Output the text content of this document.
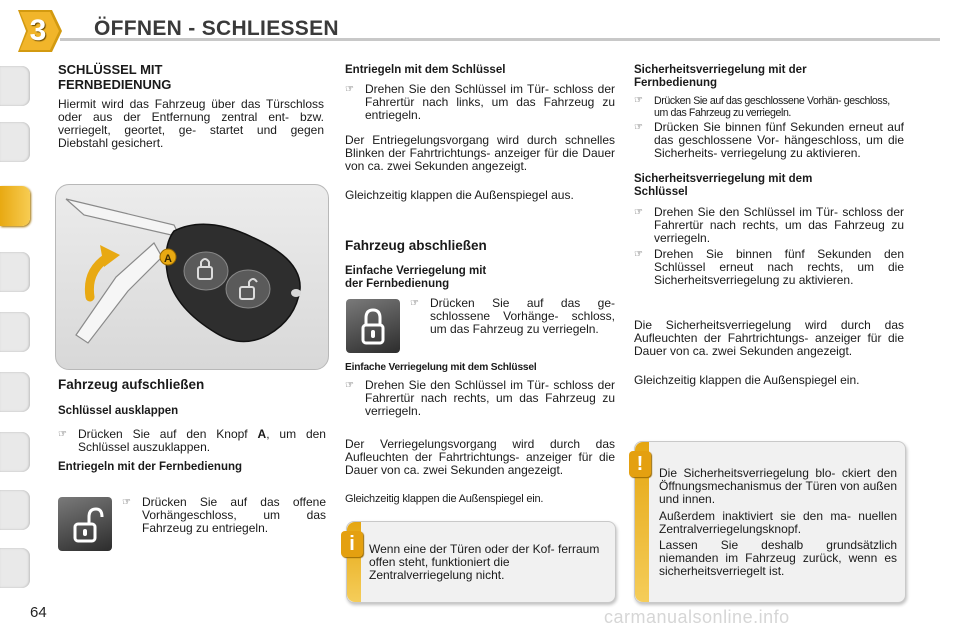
3	ÖFFNEN - SCHLIESSEN
SCHLÜSSEL MIT
FERNBEDIENUNG
Hiermit wird das Fahrzeug über das Türschloss oder aus der Entfernung zentral ent- bzw. verriegelt, geortet, ge- startet und gegen Diebstahl gesichert.
A
Fahrzeug aufschließen
Schlüssel ausklappen
☞ Drücken Sie auf den Knopf A, um den Schlüssel auszuklappen.
Entriegeln mit der Fernbedienung
☞ Drücken Sie auf das offene Vorhängeschloss, um das Fahrzeug zu entriegeln.
Entriegeln mit dem Schlüssel
☞ Drehen Sie den Schlüssel im Tür- schloss der Fahrertür nach links, um das Fahrzeug zu entriegeln.
Der Entriegelungsvorgang wird durch schnelles Blinken der Fahrtrichtungs- anzeiger für die Dauer von ca. zwei Sekunden angezeigt.
Gleichzeitig klappen die Außenspiegel aus.
Fahrzeug abschließen
Einfache Verriegelung mit
der Fernbedienung
☞ Drücken Sie auf das ge- schlossene Vorhänge- schloss, um das Fahrzeug zu verriegeln.
Einfache Verriegelung mit dem Schlüssel
☞ Drehen Sie den Schlüssel im Tür- schloss der Fahrertür nach rechts, um das Fahrzeug zu verriegeln.
Der Verriegelungsvorgang wird durch das Aufleuchten der Fahrtrichtungs- anzeiger für die Dauer von ca. zwei Sekunden angezeigt.
Gleichzeitig klappen die Außenspiegel ein.
Wenn eine der Türen oder der Kof- ferraum offen steht, funktioniert die Zentralverriegelung nicht.
i
Sicherheitsverriegelung mit der
Fernbedienung
☞ Drücken Sie auf das geschlossene Vorhän- geschloss, um das Fahrzeug zu verriegeln.
☞ Drücken Sie binnen fünf Sekunden erneut auf das geschlossene Vor- hängeschloss, um die Sicherheits- verriegelung zu aktivieren.
Sicherheitsverriegelung mit dem
Schlüssel
☞ Drehen Sie den Schlüssel im Tür- schloss der Fahrertür nach rechts, um das Fahrzeug zu verriegeln.
☞ Drehen Sie binnen fünf Sekunden den Schlüssel erneut nach rechts, um die Sicherheitsverriegelung zu aktivieren.
Die Sicherheitsverriegelung wird durch das Aufleuchten der Fahrtrichtungs- anzeiger für die Dauer von ca. zwei Sekunden angezeigt.
Gleichzeitig klappen die Außenspiegel ein.
Die Sicherheitsverriegelung blo- ckiert den Öffnungsmechanismus der Türen von außen und innen.
Außerdem inaktiviert sie den ma- nuellen Zentralverriegelungsknopf.
Lassen Sie deshalb grundsätzlich niemanden im Fahrzeug zurück, wenn es sicherheitsverriegelt ist.
!
64	carmanualsonline.info
